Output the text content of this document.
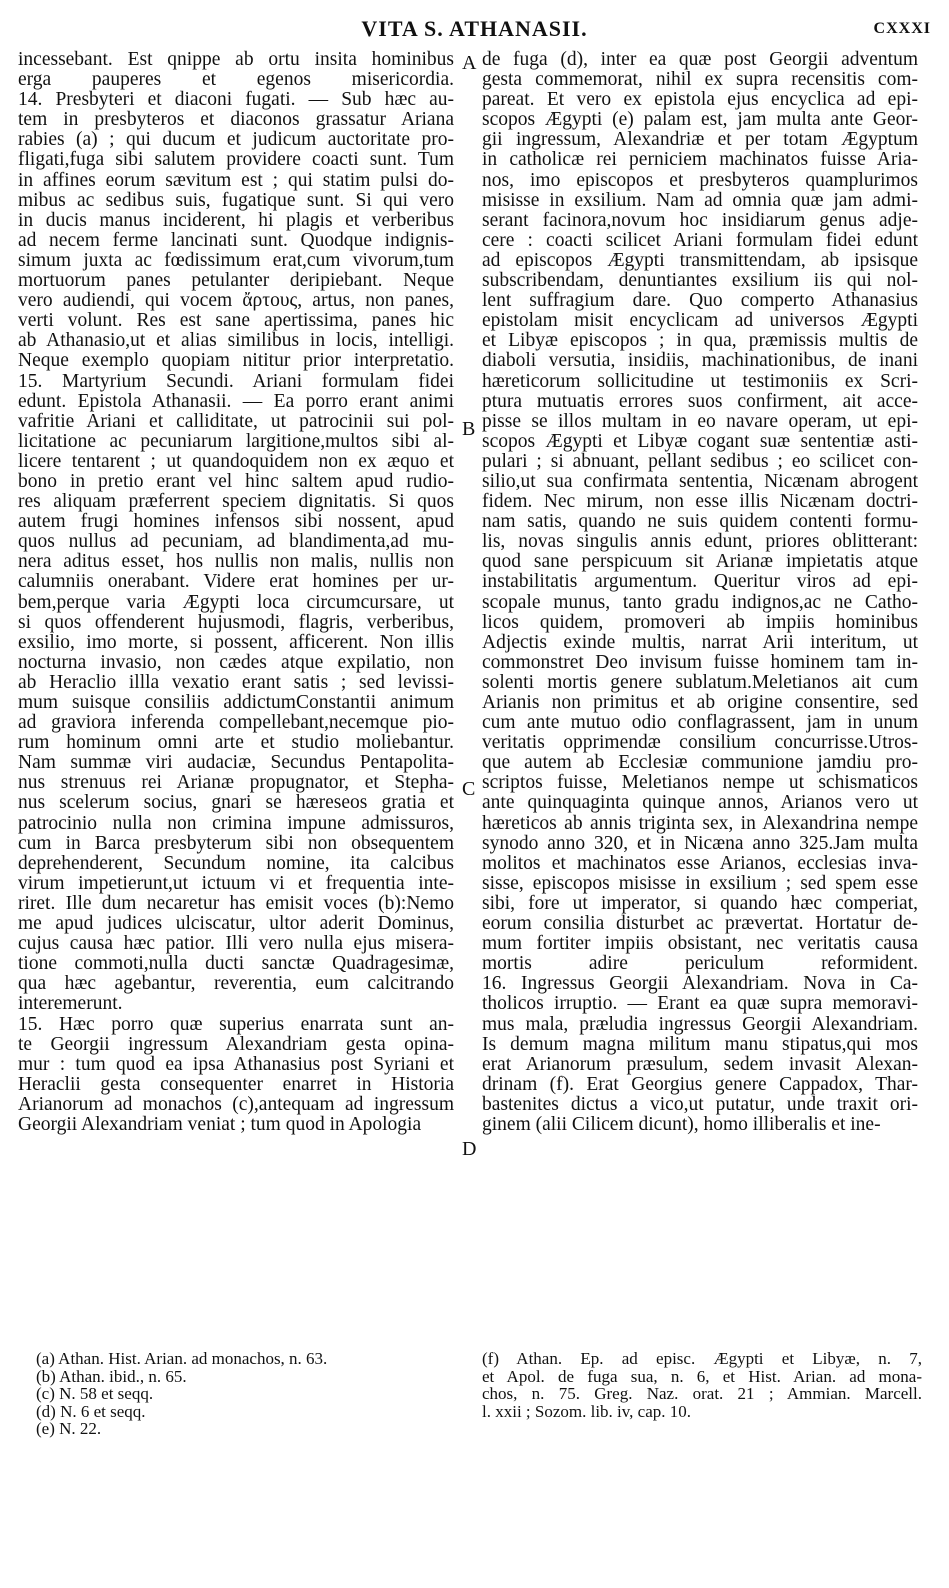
VITA S. ATHANASII.	CXXXI
incessebant. Est qnippe ab ortu insita hominibus
erga pauperes et egenos misericordia.
14. Presbyteri et diaconi fugati. — Sub hæc au-
tem in presbyteros et diaconos grassatur Ariana
rabies (a) ; qui ducum et judicum auctoritate pro-
fligati,fuga sibi salutem providere coacti sunt. Tum
in affines eorum sævitum est ; qui statim pulsi do-
mibus ac sedibus suis, fugatique sunt. Si qui vero
in ducis manus inciderent, hi plagis et verberibus
ad necem ferme lancinati sunt. Quodque indignis-
simum juxta ac fœdissimum erat,cum vivorum,tum
mortuorum panes petulanter deripiebant. Neque
vero audiendi, qui vocem ἄρτους, artus, non panes,
verti volunt. Res est sane apertissima, panes hic
ab Athanasio,ut et alias similibus in locis, intelligi.
Neque exemplo quopiam nititur prior interpretatio.
15. Martyrium Secundi. Ariani formulam fidei
edunt. Epistola Athanasii. — Ea porro erant animi
vafritie Ariani et calliditate, ut patrocinii sui pol-
licitatione ac pecuniarum largitione,multos sibi al-
licere tentarent ; ut quandoquidem non ex æquo et
bono in pretio erant vel hinc saltem apud rudio-
res aliquam præferrent speciem dignitatis. Si quos
autem frugi homines infensos sibi nossent, apud
quos nullus ad pecuniam, ad blandimenta,ad mu-
nera aditus esset, hos nullis non malis, nullis non
calumniis onerabant. Videre erat homines per ur-
bem,perque varia Ægypti loca circumcursare, ut
si quos offenderent hujusmodi, flagris, verberibus,
exsilio, imo morte, si possent, afficerent. Non illis
nocturna invasio, non cædes atque expilatio, non
ab Heraclio illla vexatio erant satis ; sed levissi-
mum suisque consiliis addictumConstantii animum
ad graviora inferenda compellebant,necemque pio-
rum hominum omni arte et studio moliebantur.
Nam summæ viri audaciæ, Secundus Pentapolita-
nus strenuus rei Arianæ propugnator, et Stepha-
nus scelerum socius, gnari se hæreseos gratia et
patrocinio nulla non crimina impune admissuros,
cum in Barca presbyterum sibi non obsequentem
deprehenderent, Secundum nomine, ita calcibus
virum impetierunt,ut ictuum vi et frequentia inte-
riret. Ille dum necaretur has emisit voces (b):Nemo
me apud judices ulciscatur, ultor aderit Dominus,
cujus causa hæc patior. Illi vero nulla ejus misera-
tione commoti,nulla ducti sanctæ Quadragesimæ,
qua hæc agebantur, reverentia, eum calcitrando
interemerunt.
15. Hæc porro quæ superius enarrata sunt an-
te Georgii ingressum Alexandriam gesta opina-
mur : tum quod ea ipsa Athanasius post Syriani et
Heraclii gesta consequenter enarret in Historia
Arianorum ad monachos (c),antequam ad ingressum
Georgii Alexandriam veniat ; tum quod in Apologia
de fuga (d), inter ea quæ post Georgii adventum
gesta commemorat, nihil ex supra recensitis com-
pareat. Et vero ex epistola ejus encyclica ad epi-
scopos Ægypti (e) palam est, jam multa ante Geor-
gii ingressum, Alexandriæ et per totam Ægyptum
in catholicæ rei perniciem machinatos fuisse Aria-
nos, imo episcopos et presbyteros quamplurimos
misisse in exsilium. Nam ad omnia quæ jam admi-
serant facinora,novum hoc insidiarum genus adje-
cere : coacti scilicet Ariani formulam fidei edunt
ad episcopos Ægypti transmittendam, ab ipsisque
subscribendam, denuntiantes exsilium iis qui nol-
lent suffragium dare. Quo comperto Athanasius
epistolam misit encyclicam ad universos Ægypti
et Libyæ episcopos ; in qua, præmissis multis de
diaboli versutia, insidiis, machinationibus, de inani
hæreticorum sollicitudine ut testimoniis ex Scri-
ptura mutuatis errores suos confirment, ait acce-
pisse se illos multam in eo navare operam, ut epi-
scopos Ægypti et Libyæ cogant suæ sententiæ asti-
pulari ; si abnuant, pellant sedibus ; eo scilicet con-
silio,ut sua confirmata sententia, Nicænam abrogent
fidem. Nec mirum, non esse illis Nicænam doctri-
nam satis, quando ne suis quidem contenti formu-
lis, novas singulis annis edunt, priores oblitterant:
quod sane perspicuum sit Arianæ impietatis atque
instabilitatis argumentum. Queritur viros ad epi-
scopale munus, tanto gradu indignos,ac ne Catho-
licos quidem, promoveri ab impiis hominibus
Adjectis exinde multis, narrat Arii interitum, ut
commonstret Deo invisum fuisse hominem tam in-
solenti mortis genere sublatum.Meletianos ait cum
Arianis non primitus et ab origine consentire, sed
cum ante mutuo odio conflagrassent, jam in unum
veritatis opprimendæ consilium concurrisse.Utros-
que autem ab Ecclesiæ communione jamdiu pro-
scriptos fuisse, Meletianos nempe ut schismaticos
ante quinquaginta quinque annos, Arianos vero ut
hæreticos ab annis triginta sex, in Alexandrina nempe
synodo anno 320, et in Nicæna anno 325.Jam multa
molitos et machinatos esse Arianos, ecclesias inva-
sisse, episcopos misisse in exsilium ; sed spem esse
sibi, fore ut imperator, si quando hæc comperiat,
eorum consilia disturbet ac prævertat. Hortatur de-
mum fortiter impiis obsistant, nec veritatis causa
mortis adire periculum reformident.
16. Ingressus Georgii Alexandriam. Nova in Ca-
tholicos irruptio. — Erant ea quæ supra memoravi-
mus mala, præludia ingressus Georgii Alexandriam.
Is demum magna militum manu stipatus,qui mos
erat Arianorum præsulum, sedem invasit Alexan-
drinam (f). Erat Georgius genere Cappadox, Thar-
bastenites dictus a vico,ut putatur, unde traxit ori-
ginem (alii Cilicem dicunt), homo illiberalis et ine-
A
B
C
D
(a) Athan. Hist. Arian. ad monachos, n. 63.
(b) Athan. ibid., n. 65.
(c) N. 58 et seqq.
(d) N. 6 et seqq.
(e) N. 22.
(f) Athan. Ep. ad episc. Ægypti et Libyæ, n. 7,
et Apol. de fuga sua, n. 6, et Hist. Arian. ad mona-
chos, n. 75. Greg. Naz. orat. 21 ; Ammian. Marcell.
l. xxii ; Sozom. lib. iv, cap. 10.
